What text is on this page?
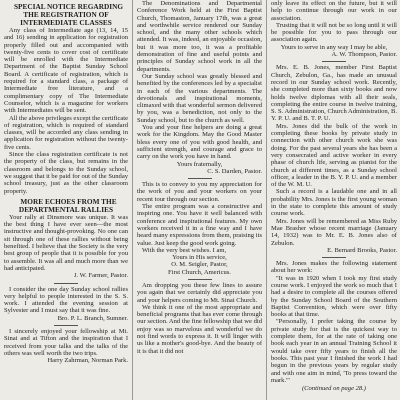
SPECIAL NOTICE REGARDING THE REGISTRATION OF INTERMEDIATE CLASSES

Any class of Intermediate age (13, 14, 15 and 16) sending in application for registration properly filled out and accompanied with twenty-five cents to cover cost of certificate will be enrolled with the Intermediate Department of the Baptist Sunday School Board. A certificate of registration, which is required for a standard class, a package of Intermediate free literature, and a complimentary copy of The Intermediate Counselor, which is a magazine for workers with Intermediates will be sent.

All the above privileges except the certificate of registration, which is required of standard classes, will be accorded any class sending in application for registration without the twenty-five cents.

Since the class registration certificate is not the property of the class, but remains in the classroom and belongs to the Sunday school, we suggest that it be paid for out of the Sunday school treasury, just as the other classroom property.

MORE ECHOES FROM THE DEPARTMENTAL RALLIES

Your rally at Dinsmore was unique. It was the best thing I have ever seen—the most instructive and thought-provoking. No one can sit through one of these rallies without being benefited. I believe that the Society is the very best group of people that it is possible for you to assemble. It was all and much more than we had anticipated.

J. W. Farmer, Pastor.

I consider the one day Sunday school rallies very helpful to people interested in the S. S. work. I attended the evening session at Sylvester and I must say that it was fine.

Bro. P. L. Branch, Sumner.

I sincerely enjoyed your fellowship at Mt. Sinai and at Tifton and the inspiration that I received from your talks and the talks of the others was well worth the two trips.

Harry Zahrman, Norman Park.

The Denominations and Departmental Conference Work held at the First Baptist Church, Thomaston, January 17th, was a great and worthwhile service rendered our Sunday school, and the many other schools which attended. It was, indeed, an enjoyable occasion, but it was more too, it was a profitable demonstration of fine and useful points and principles of Sunday school work in all the departments.

Our Sunday school was greatly blessed and benefited by the conferences led by a specialist in each of the various departments. The devotionals and inspirational moments, climaxed with that wonderful sermon delivered by you, was a benediction, not only to the Sunday school, but to the church as well.

You and your fine helpers are doing a great work for the Kingdom. May the Good Master bless every one of you with good health, and sufficient strength, and courage and grace to carry on the work you have in hand.

Yours fraternally,

C. S. Darden, Pastor.

This is to convey to you my appreciation for the work of you and your workers on your recent tour through our section.

The entire program was a constructive and inspiring one. You have it well balanced with conference and inspirational features. My own workers received it in a fine way and I have heard many expressions from them, praising its value. Just keep the good work going.

With the very best wishes. I am,

Yours in His service,

O. M. Seigler, Pastor,

First Church, Americus.

Am dropping you these few lines to assure you again that we certainly did appreciate you and your helpers coming to Mt. Sinai Church.

We think it one of the most appropriate and beneficial programs that has ever come through our section. And the fine fellowship that we did enjoy was so marvelous and wonderful we do not find words to express it. It will linger with us like a mother's good-bye. And the beauty of it is that it did not

only leave its effect on the future, but it will help to continue through our work in our association.

Trusting that it will not be so long until it will be possible for you to pass through our association again.

Yours to serve in any way I may be able,

A. W. Thompson, Pastor.

Mrs. E. B. Jones, member First Baptist Church, Zebulon, Ga., has made an unusual record in our Sunday school work. Recently, she completed more than sixty books and now holds twelve diplomas with all their seals, completing the entire course in twelve training, S. S. Administration, Church Administration, B. Y. P. U. and B. T. P. U.

Mrs. Jones did the bulk of the work in completing these books by private study in connection with other church work she was doing. For the past several years she has been a very consecrated and active worker in every phase of church life, serving as pianist for the church at different times, as a Sunday school officer, a leader in the B. Y. P. U. and a member of the W. M. U.

Such a record is a laudable one and in all probability Mrs. Jones is the first young woman in the state to complete this amount of study course work.

Mrs. Jones will be remembered as Miss Ruby Mae Brasher whose recent marriage (January 14, 1932) was to Mr. E. B. Jones also of Zebulon.

E. Bernard Brooks, Pastor.

Mrs. Jones makes the following statement about her work:

"It was in 1920 when I took my first study course work. I enjoyed the work so much that I had a desire to complete all the courses offered by the Sunday School Board of the Southern Baptist Convention, which were over fifty books at that time.

"Personally, I prefer taking the course by private study for that is the quickest way to complete them, for at the rate of taking one book each year in an annual Training School it would take over fifty years to finish all the books. This past year I finished the work I had begun in the previous years by regular study and with one aim in mind, 'To press toward the mark.'"

(Continued on page 28.)
